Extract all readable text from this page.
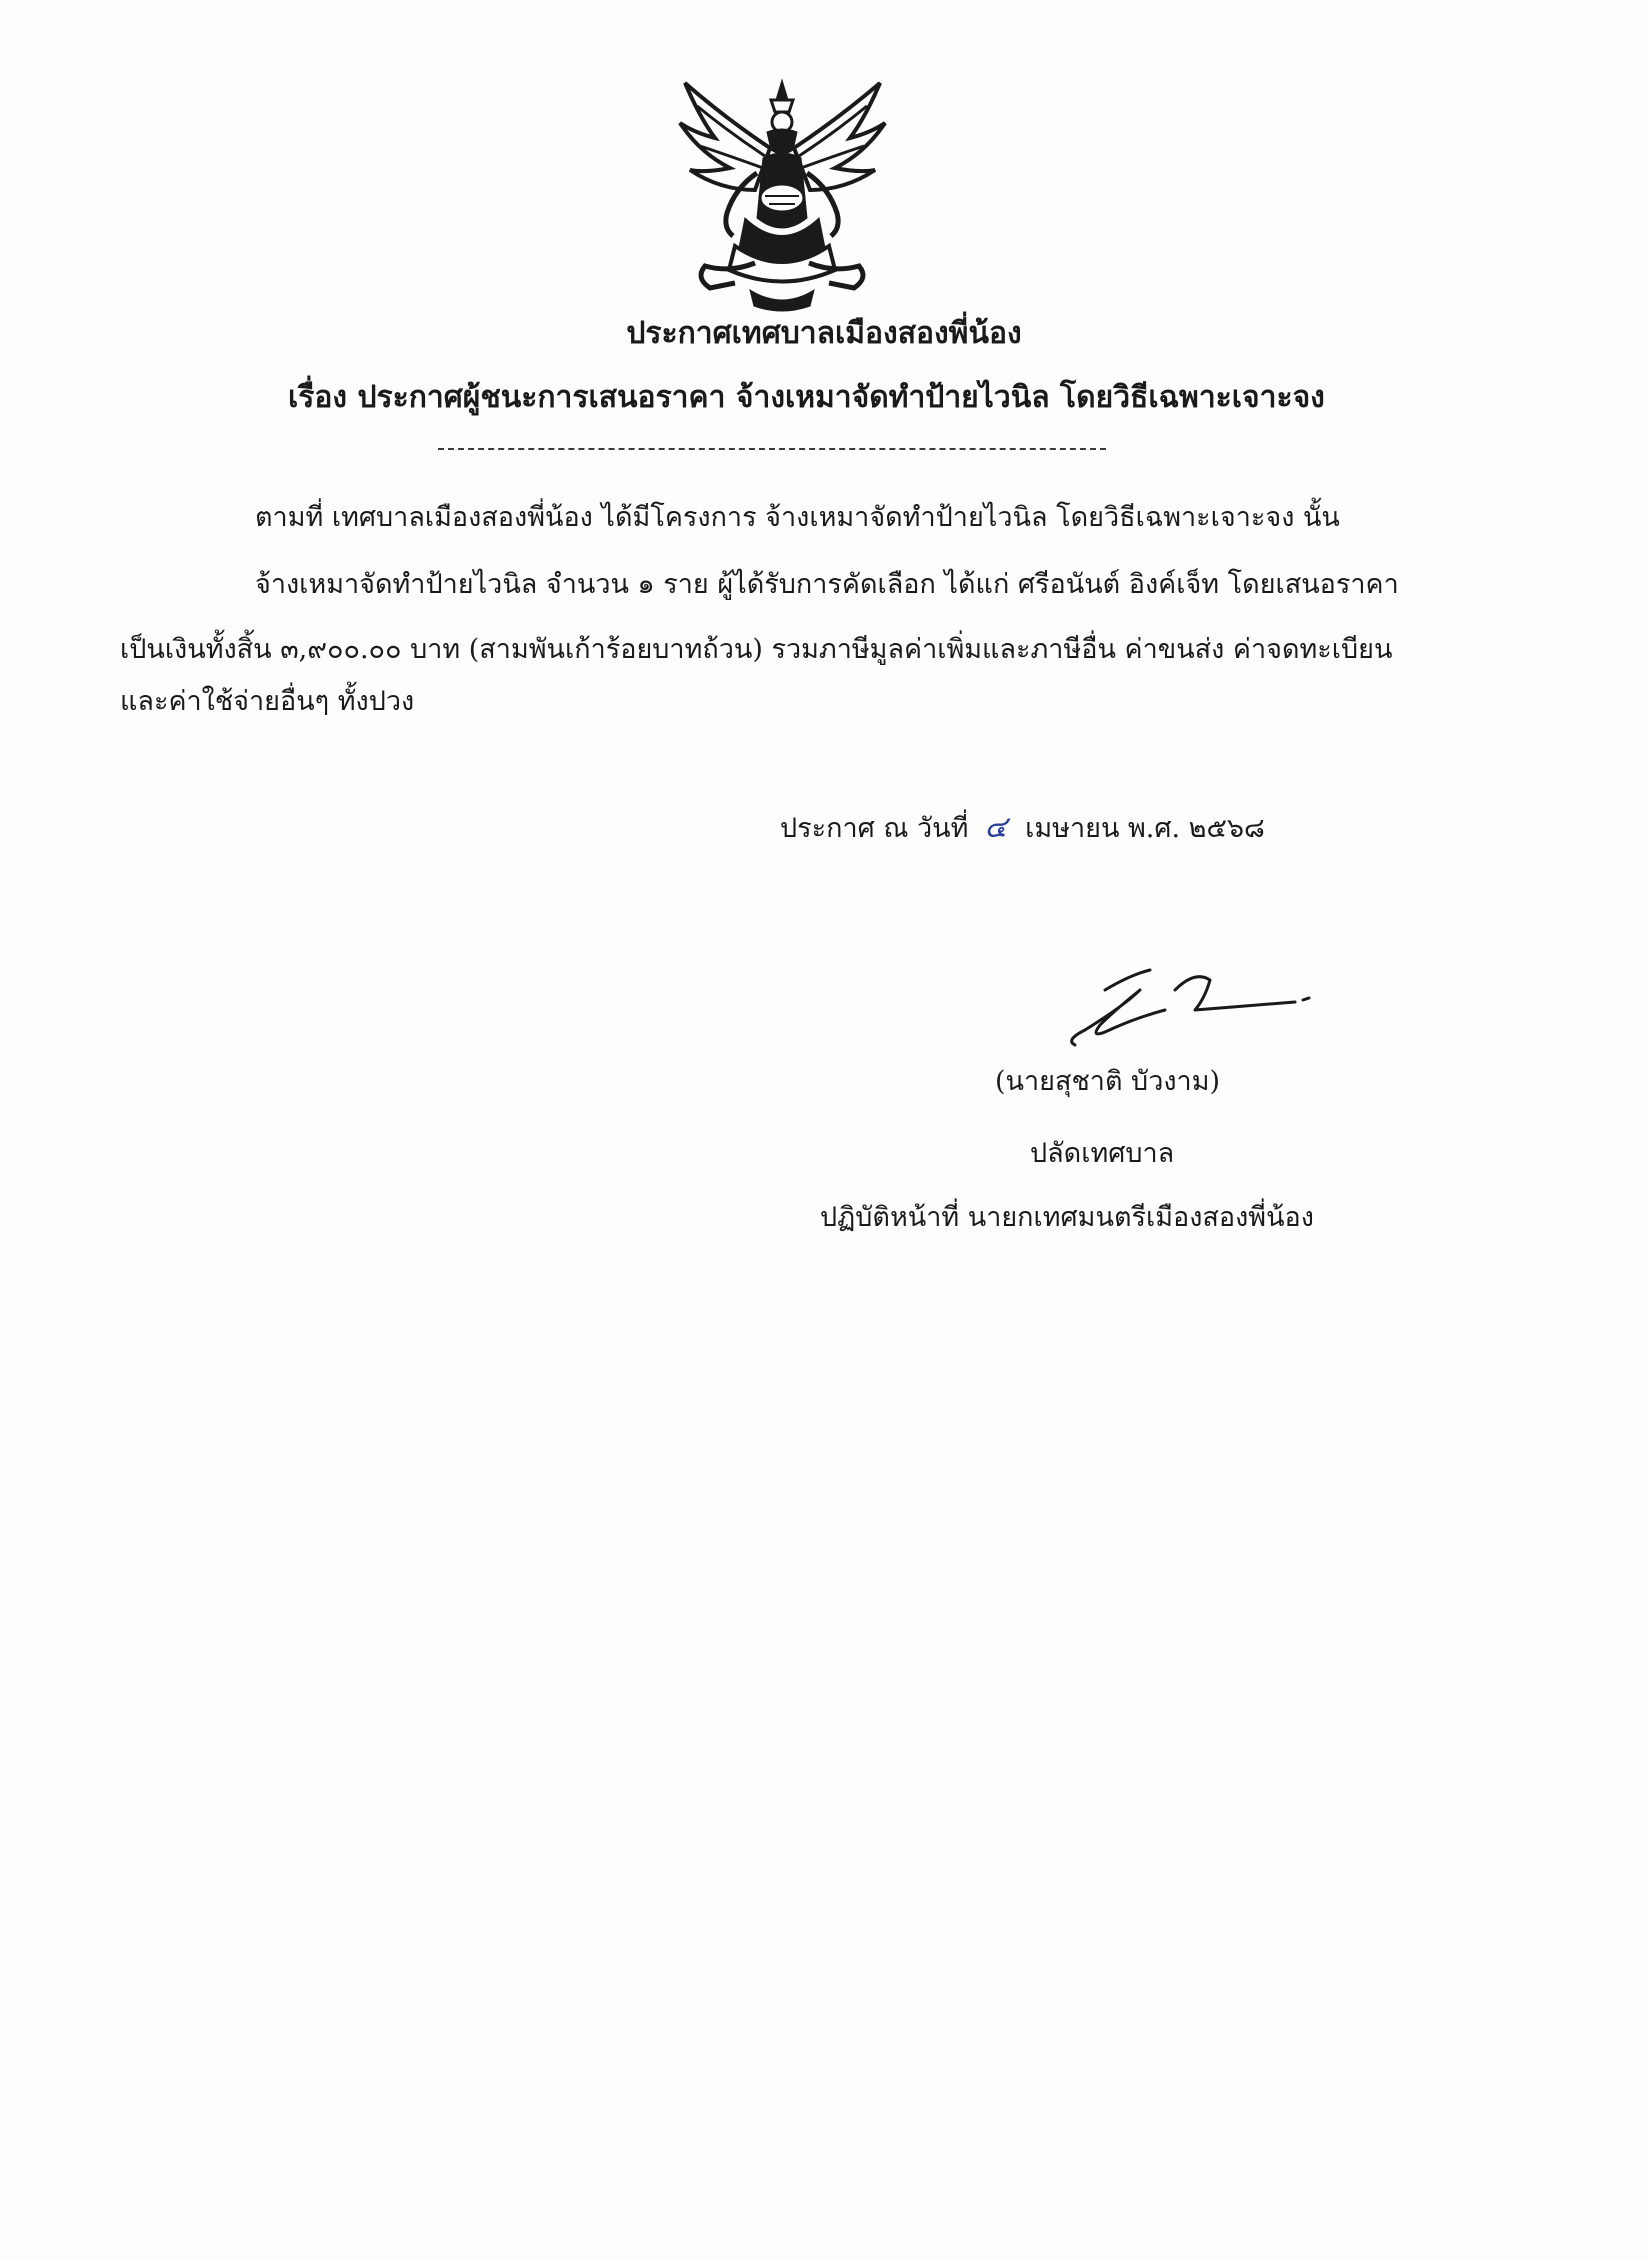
ประกาศเทศบาลเมืองสองพี่น้อง
เรื่อง ประกาศผู้ชนะการเสนอราคา จ้างเหมาจัดทำป้ายไวนิล โดยวิธีเฉพาะเจาะจง
ตามที่ เทศบาลเมืองสองพี่น้อง ได้มีโครงการ จ้างเหมาจัดทำป้ายไวนิล โดยวิธีเฉพาะเจาะจง นั้น
จ้างเหมาจัดทำป้ายไวนิล จำนวน ๑ ราย ผู้ได้รับการคัดเลือก ได้แก่ ศรีอนันต์ อิงค์เจ็ท โดยเสนอราคา
เป็นเงินทั้งสิ้น ๓,๙๐๐.๐๐ บาท (สามพันเก้าร้อยบาทถ้วน) รวมภาษีมูลค่าเพิ่มและภาษีอื่น ค่าขนส่ง ค่าจดทะเบียน
และค่าใช้จ่ายอื่นๆ ทั้งปวง
ประกาศ ณ วันที่ ๔ เมษายน พ.ศ. ๒๕๖๘
(นายสุชาติ บัวงาม)
ปลัดเทศบาล
ปฏิบัติหน้าที่ นายกเทศมนตรีเมืองสองพี่น้อง
